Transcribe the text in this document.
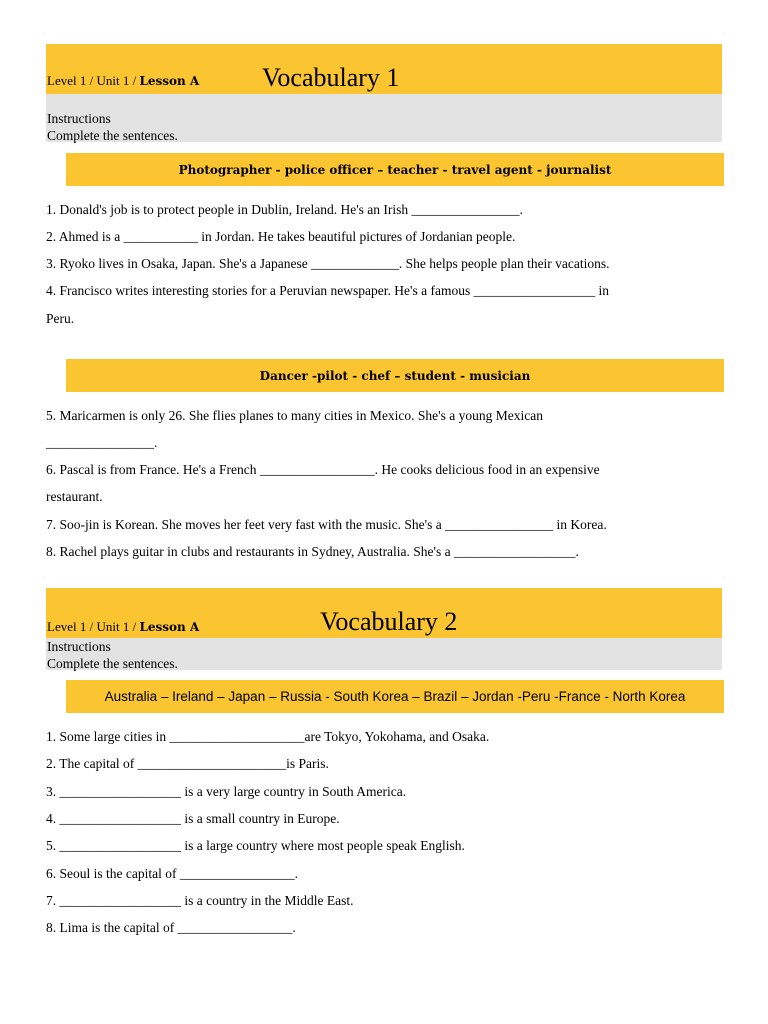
Level 1 / Unit 1 / Lesson A Vocabulary 1
Instructions
Complete the sentences.
Photographer - police officer – teacher - travel agent - journalist
1. Donald's job is to protect people in Dublin, Ireland. He's an Irish ________________.
2. Ahmed is a ___________ in Jordan. He takes beautiful pictures of Jordanian people.
3. Ryoko lives in Osaka, Japan. She's a Japanese _____________. She helps people plan their vacations.
4. Francisco writes interesting stories for a Peruvian newspaper. He's a famous __________________ in
Peru.
Dancer -pilot - chef – student - musician
5. Maricarmen is only 26. She flies planes to many cities in Mexico. She's a young Mexican
________________.
6. Pascal is from France. He's a French _________________. He cooks delicious food in an expensive
restaurant.
7. Soo-jin is Korean. She moves her feet very fast with the music. She's a ________________ in Korea.
8. Rachel plays guitar in clubs and restaurants in Sydney, Australia. She's a __________________.
Level 1 / Unit 1 / Lesson A	Vocabulary 2
Instructions
Complete the sentences.
Australia – Ireland – Japan – Russia - South Korea – Brazil – Jordan -Peru -France - North Korea
1. Some large cities in ____________________are Tokyo, Yokohama, and Osaka.
2. The capital of ______________________is Paris.
3. __________________ is a very large country in South America.
4. __________________ is a small country in Europe.
5. __________________ is a large country where most people speak English.
6. Seoul is the capital of _________________.
7. __________________ is a country in the Middle East.
8. Lima is the capital of _________________.
